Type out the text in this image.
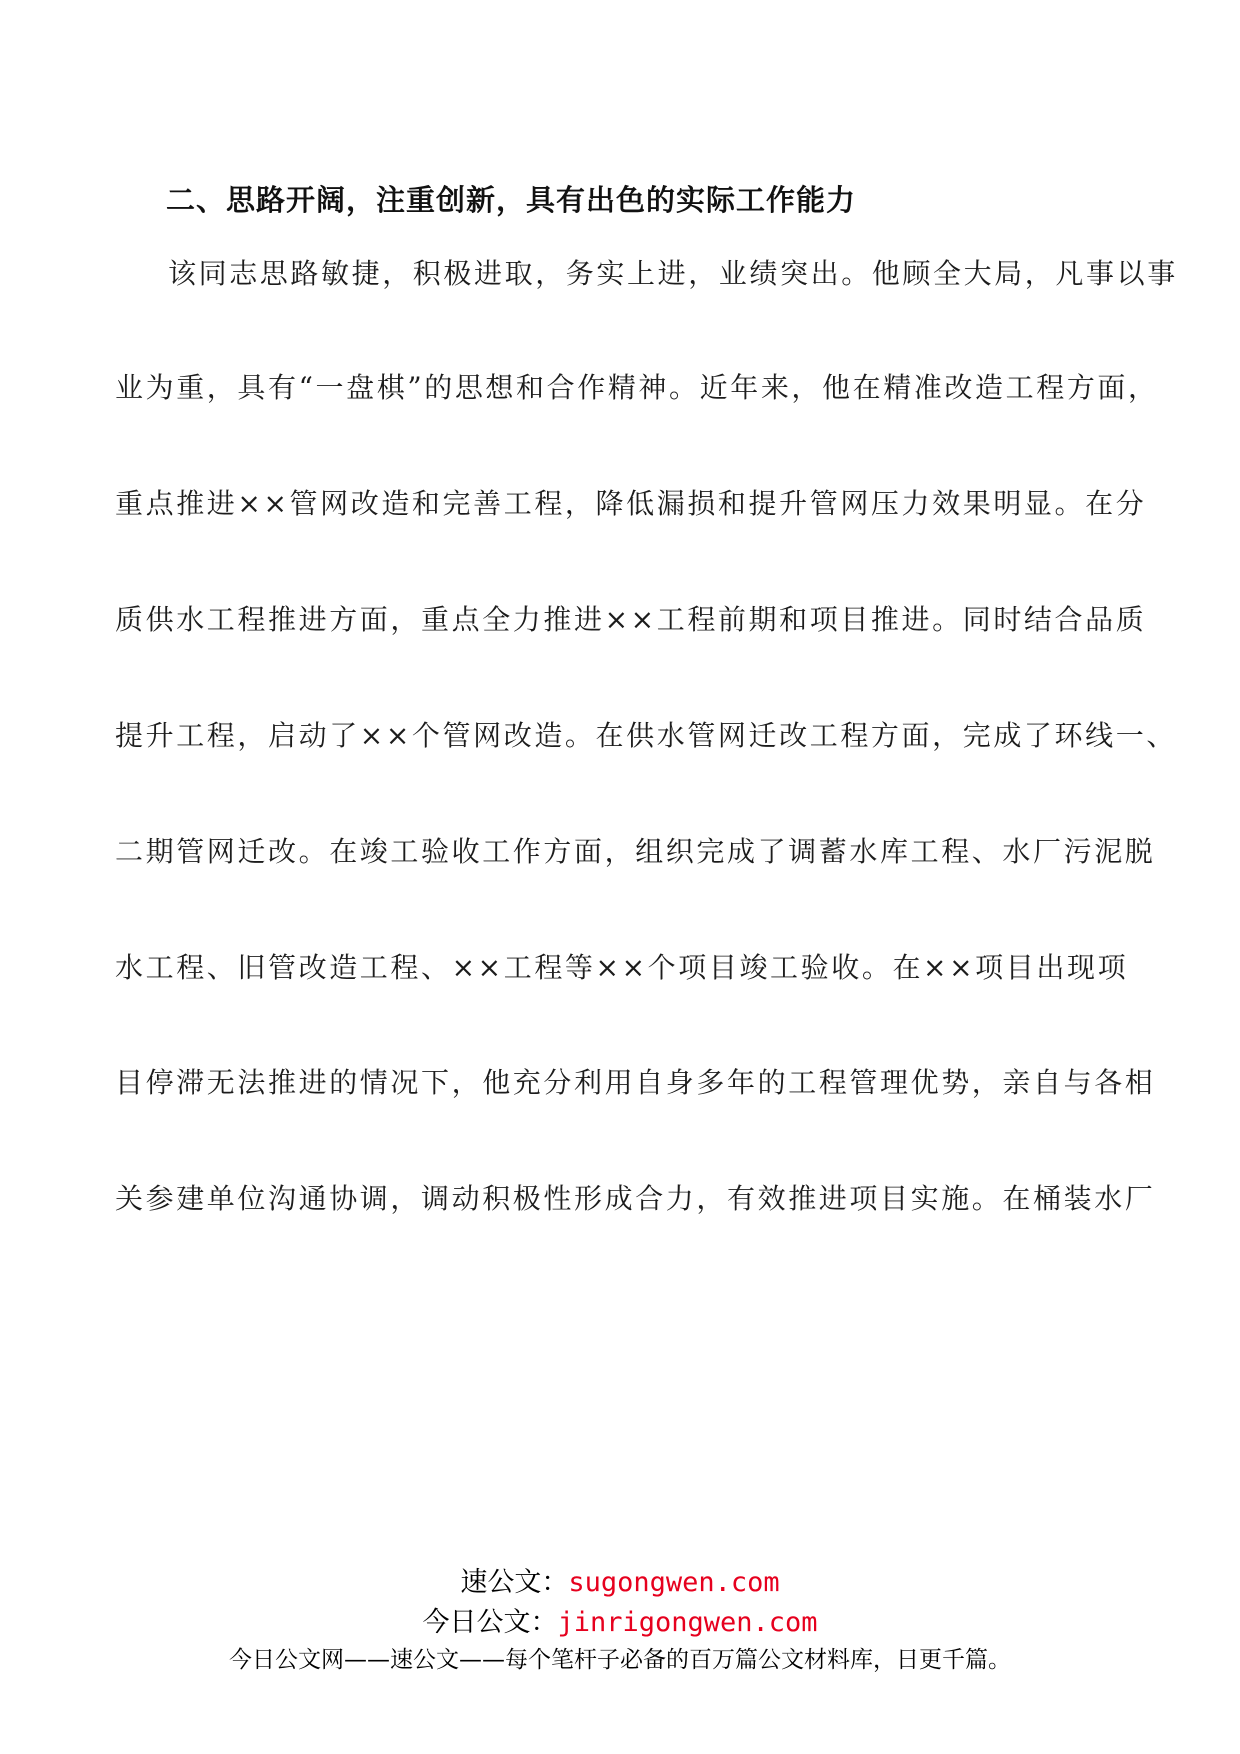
二、思路开阔，注重创新，具有出色的实际工作能力
该同志思路敏捷，积极进取，务实上进，业绩突出。他顾全大局，凡事以事
业为重，具有“一盘棋”的思想和合作精神。近年来，他在精准改造工程方面，
重点推进××管网改造和完善工程，降低漏损和提升管网压力效果明显。在分
质供水工程推进方面，重点全力推进××工程前期和项目推进。同时结合品质
提升工程，启动了××个管网改造。在供水管网迁改工程方面，完成了环线一、
二期管网迁改。在竣工验收工作方面，组织完成了调蓄水库工程、水厂污泥脱
水工程、旧管改造工程、××工程等××个项目竣工验收。在××项目出现项
目停滞无法推进的情况下，他充分利用自身多年的工程管理优势，亲自与各相
关参建单位沟通协调，调动积极性形成合力，有效推进项目实施。在桶装水厂
速公文：sugongwen.com
今日公文：jinrigongwen.com
今日公文网——速公文——每个笔杆子必备的百万篇公文材料库，日更千篇。
